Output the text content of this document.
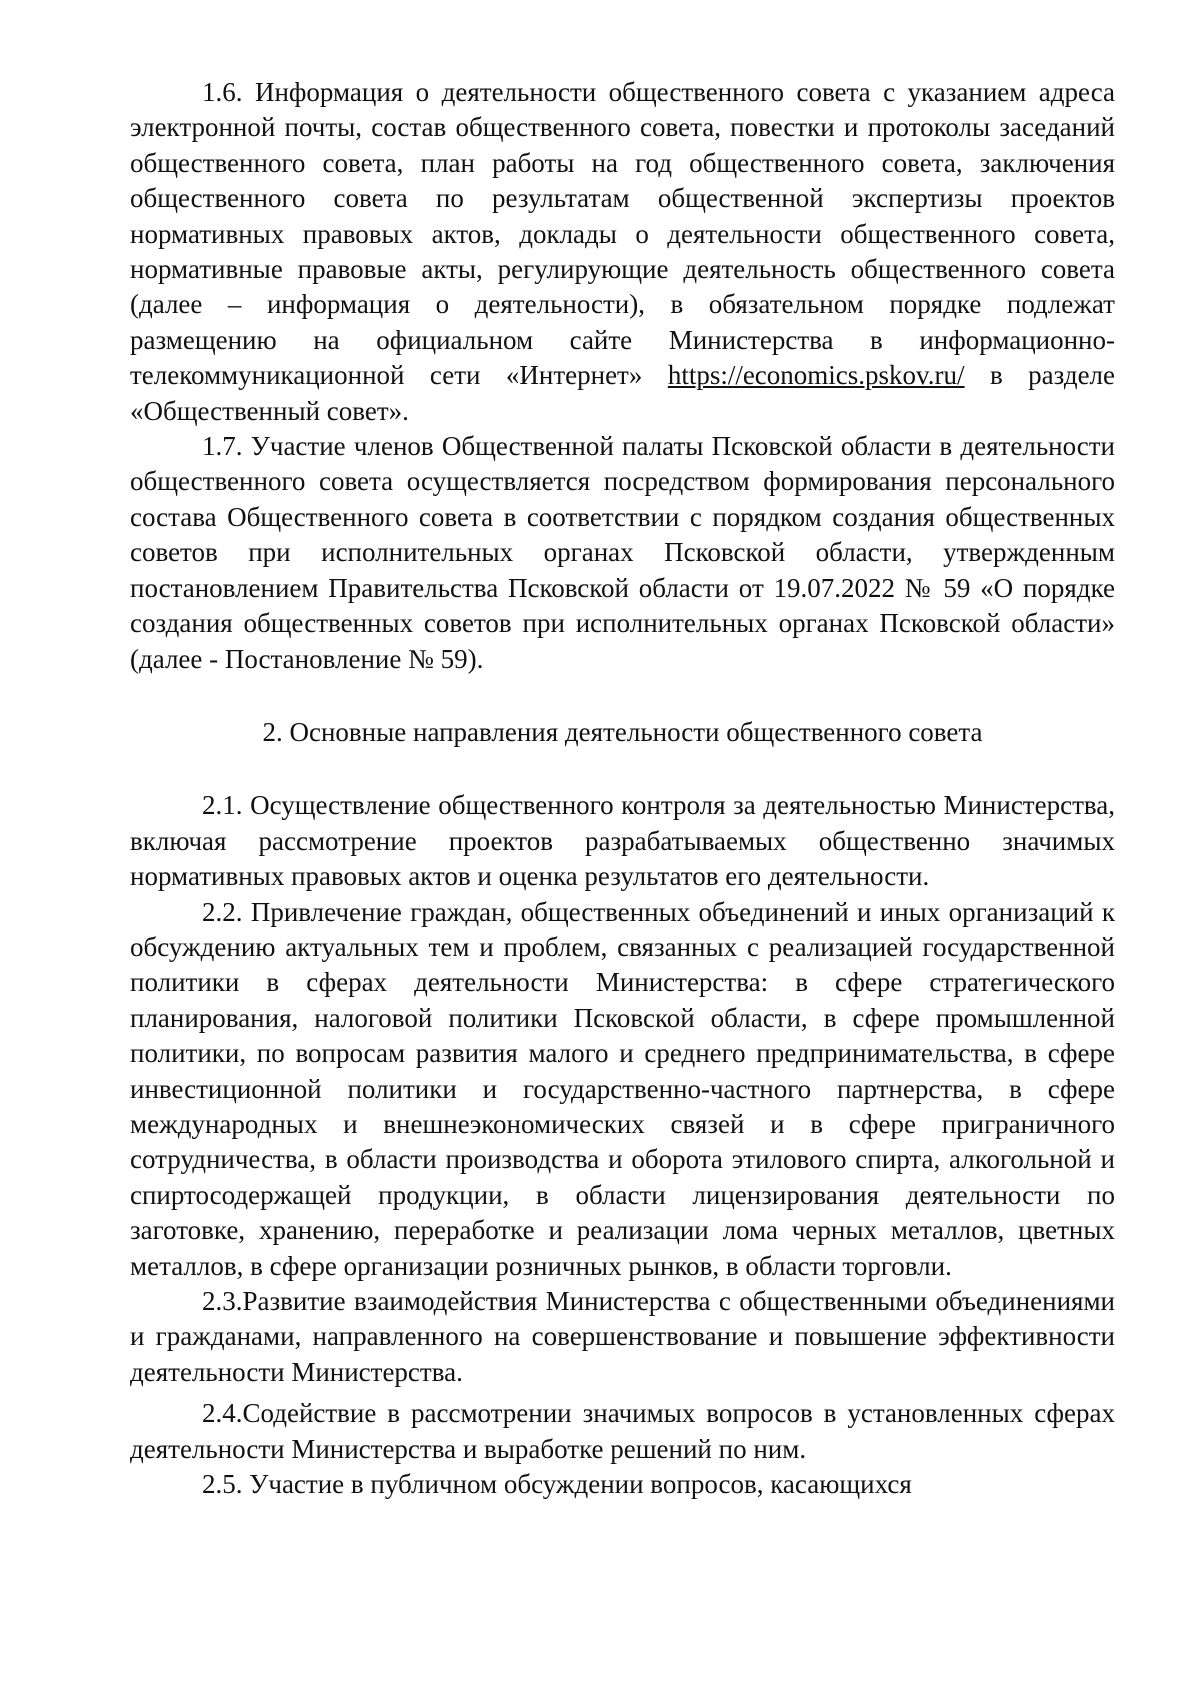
1.6. Информация о деятельности общественного совета с указанием адреса электронной почты, состав общественного совета, повестки и протоколы заседаний общественного совета, план работы на год общественного совета, заключения общественного совета по результатам общественной экспертизы проектов нормативных правовых актов, доклады о деятельности общественного совета, нормативные правовые акты, регулирующие деятельность общественного совета (далее – информация о деятельности), в обязательном порядке подлежат размещению на официальном сайте Министерства в информационно-телекоммуникационной сети «Интернет» https://economics.pskov.ru/ в разделе «Общественный совет».

1.7. Участие членов Общественной палаты Псковской области в деятельности общественного совета осуществляется посредством формирования персонального состава Общественного совета в соответствии с порядком создания общественных советов при исполнительных органах Псковской области, утвержденным постановлением Правительства Псковской области от 19.07.2022 № 59 «О порядке создания общественных советов при исполнительных органах Псковской области» (далее - Постановление № 59).

2. Основные направления деятельности общественного совета

2.1. Осуществление общественного контроля за деятельностью Министерства, включая рассмотрение проектов разрабатываемых общественно значимых нормативных правовых актов и оценка результатов его деятельности.

2.2. Привлечение граждан, общественных объединений и иных организаций к обсуждению актуальных тем и проблем, связанных с реализацией государственной политики в сферах деятельности Министерства: в сфере стратегического планирования, налоговой политики Псковской области, в сфере промышленной политики, по вопросам развития малого и среднего предпринимательства, в сфере инвестиционной политики и государственно-частного партнерства, в сфере международных и внешнеэкономических связей и в сфере приграничного сотрудничества, в области производства и оборота этилового спирта, алкогольной и спиртосодержащей продукции, в области лицензирования деятельности по заготовке, хранению, переработке и реализации лома черных металлов, цветных металлов, в сфере организации розничных рынков, в области торговли.

2.3.Развитие взаимодействия Министерства с общественными объединениями и гражданами, направленного на совершенствование и повышение эффективности деятельности Министерства.

2.4.Содействие в рассмотрении значимых вопросов в установленных сферах деятельности Министерства и выработке решений по ним.

2.5. Участие в публичном обсуждении вопросов, касающихся
